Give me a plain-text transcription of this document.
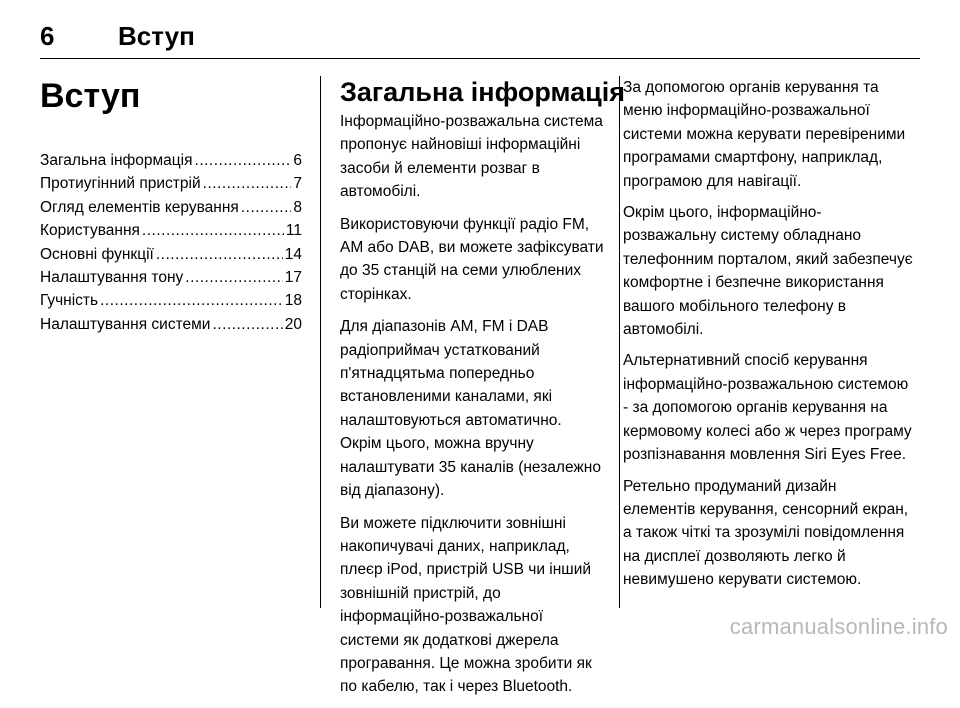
6	Вступ
Вступ
Загальна інформація .....	6
Протиугінний пристрій .....	7
Огляд елементів керування .....	8
Користування .....	11
Основні функції .....	14
Налаштування тону .....	17
Гучність .....	18
Налаштування системи .....	20
Загальна інформація

Інформаційно-розважальна система пропонує найновіші інформаційні засоби й елементи розваг в автомобілі.

Використовуючи функції радіо FM, AM або DAB, ви можете зафіксувати до 35 станцій на семи улюблених сторінках.

Для діапазонів AM, FM і DAB радіоприймач устаткований п'ятнадцятьма попередньо встановленими каналами, які налаштовуються автоматично. Окрім цього, можна вручну налаштувати 35 каналів (незалежно від діапазону).

Ви можете підключити зовнішні накопичувачі даних, наприклад, плеєр iPod, пристрій USB чи інший зовнішній пристрій, до інформаційно-розважальної системи як додаткові джерела програвання. Це можна зробити як по кабелю, так і через Bluetooth.

За допомогою органів керування та меню інформаційно-розважальної системи можна керувати перевіреними програмами смартфону, наприклад, програмою для навігації.

Окрім цього, інформаційно-розважальну систему обладнано телефонним порталом, який забезпечує комфортне і безпечне використання вашого мобільного телефону в автомобілі.

Альтернативний спосіб керування інформаційно-розважальною системою - за допомогою органів керування на кермовому колесі або ж через програму розпізнавання мовлення Siri Eyes Free.

Ретельно продуманий дизайн елементів керування, сенсорний екран, а також чіткі та зрозумілі повідомлення на дисплеї дозволяють легко й невимушено керувати системою.

carmanualsonline.info
